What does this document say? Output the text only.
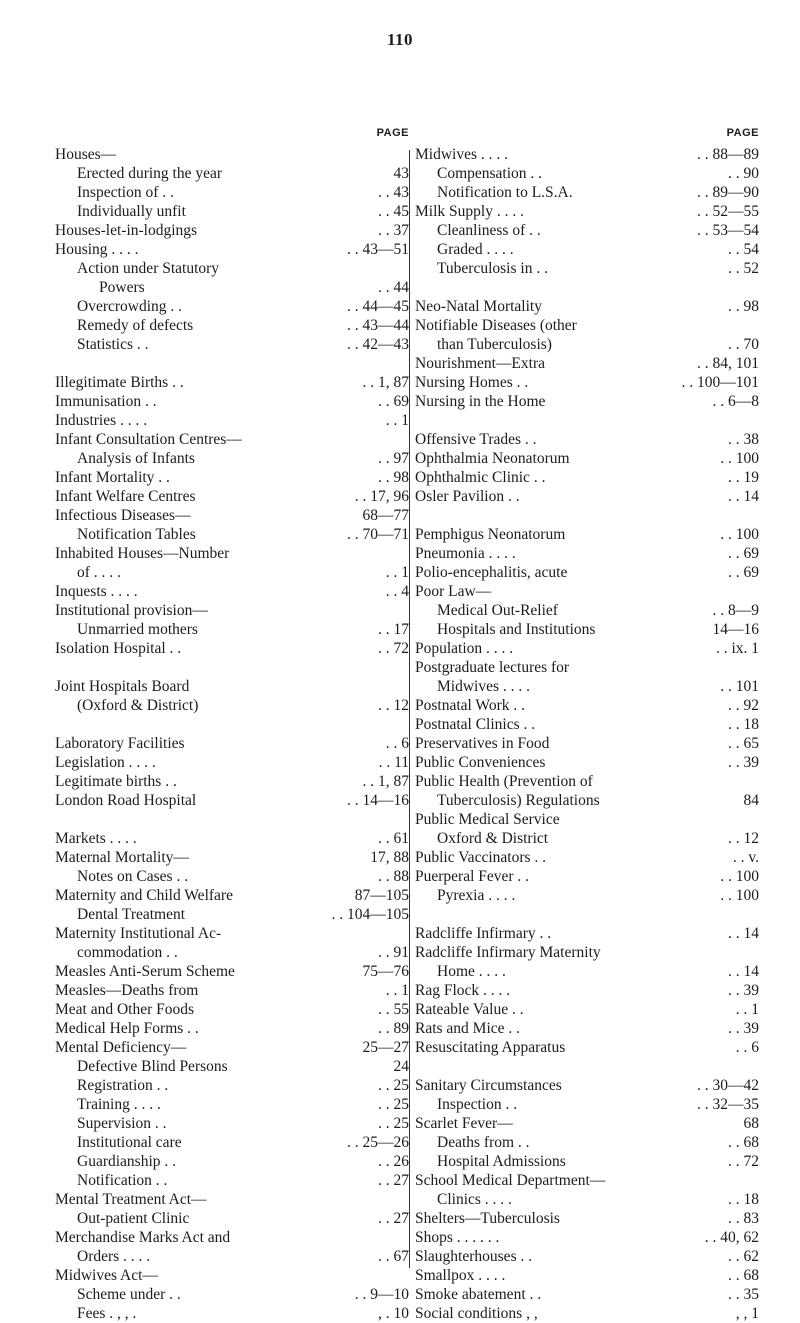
110
PAGE
Houses—
Erected during the year	43
Inspection of . .	. . 43
Individually unfit	. . 45
Houses-let-in-lodgings	. . 37
Housing . . . .	. . 43—51
Action under Statutory
Powers	. . 44
Overcrowding . .	. . 44—45
Remedy of defects	. . 43—44
Statistics . .	. . 42—43
Illegitimate Births . .	. . 1, 87
Immunisation . .	. . 69
Industries . . . .	. . 1
Infant Consultation Centres—
Analysis of Infants	. . 97
Infant Mortality . .	. . 98
Infant Welfare Centres	. . 17, 96
Infectious Diseases—	68—77
Notification Tables	. . 70—71
Inhabited Houses—Number
of . . . .	. . 1
Inquests . . . .	. . 4
Institutional provision—
Unmarried mothers	. . 17
Isolation Hospital . .	. . 72
Joint Hospitals Board
(Oxford & District)	. . 12
Laboratory Facilities	. . 6
Legislation . . . .	. . 11
Legitimate births . .	. . 1, 87
London Road Hospital	. . 14—16
Markets . . . .	. . 61
Maternal Mortality—	17, 88
Notes on Cases . .	. . 88
Maternity and Child Welfare	87—105
Dental Treatment	. . 104—105
Maternity Institutional Ac-
commodation . .	. . 91
Measles Anti-Serum Scheme	75—76
Measles—Deaths from	. . 1
Meat and Other Foods	. . 55
Medical Help Forms . .	. . 89
Mental Deficiency—	25—27
Defective Blind Persons	24
Registration . .	. . 25
Training . . . .	. . 25
Supervision . .	. . 25
Institutional care	. . 25—26
Guardianship . .	. . 26
Notification . .	. . 27
Mental Treatment Act—
Out-patient Clinic	. . 27
Merchandise Marks Act and
Orders . . . .	. . 67
Midwives Act—
Scheme under . .	. . 9—10
Fees . , , .	, . 10
PAGE
Midwives . . . .	. . 88—89
Compensation . .	. . 90
Notification to L.S.A.	. . 89—90
Milk Supply . . . .	. . 52—55
Cleanliness of . .	. . 53—54
Graded . . . .	. . 54
Tuberculosis in . .	. . 52
Neo-Natal Mortality	. . 98
Notifiable Diseases (other
than Tuberculosis)	. . 70
Nourishment—Extra	. . 84, 101
Nursing Homes . .	. . 100—101
Nursing in the Home	. . 6—8
Offensive Trades . .	. . 38
Ophthalmia Neonatorum	. . 100
Ophthalmic Clinic . .	. . 19
Osler Pavilion . .	. . 14
Pemphigus Neonatorum	. . 100
Pneumonia . . . .	. . 69
Polio-encephalitis, acute	. . 69
Poor Law—
Medical Out-Relief	. . 8—9
Hospitals and Institutions	14—16
Population . . . .	. . ix. 1
Postgraduate lectures for
Midwives . . . .	. . 101
Postnatal Work . .	. . 92
Postnatal Clinics . .	. . 18
Preservatives in Food	. . 65
Public Conveniences	. . 39
Public Health (Prevention of
Tuberculosis) Regulations	84
Public Medical Service
Oxford & District	. . 12
Public Vaccinators . .	. . v.
Puerperal Fever . .	. . 100
Pyrexia . . . .	. . 100
Radcliffe Infirmary . .	. . 14
Radcliffe Infirmary Maternity
Home . . . .	. . 14
Rag Flock . . . .	. . 39
Rateable Value . .	. . 1
Rats and Mice . .	. . 39
Resuscitating Apparatus	. . 6
Sanitary Circumstances	. . 30—42
Inspection . .	. . 32—35
Scarlet Fever—	68
Deaths from . .	. . 68
Hospital Admissions	. . 72
School Medical Department—
Clinics . . . .	. . 18
Shelters—Tuberculosis	. . 83
Shops . . . . . .	. . 40, 62
Slaughterhouses . .	. . 62
Smallpox . . . .	. . 68
Smoke abatement . .	. . 35
Social conditions , ,	, , 1
